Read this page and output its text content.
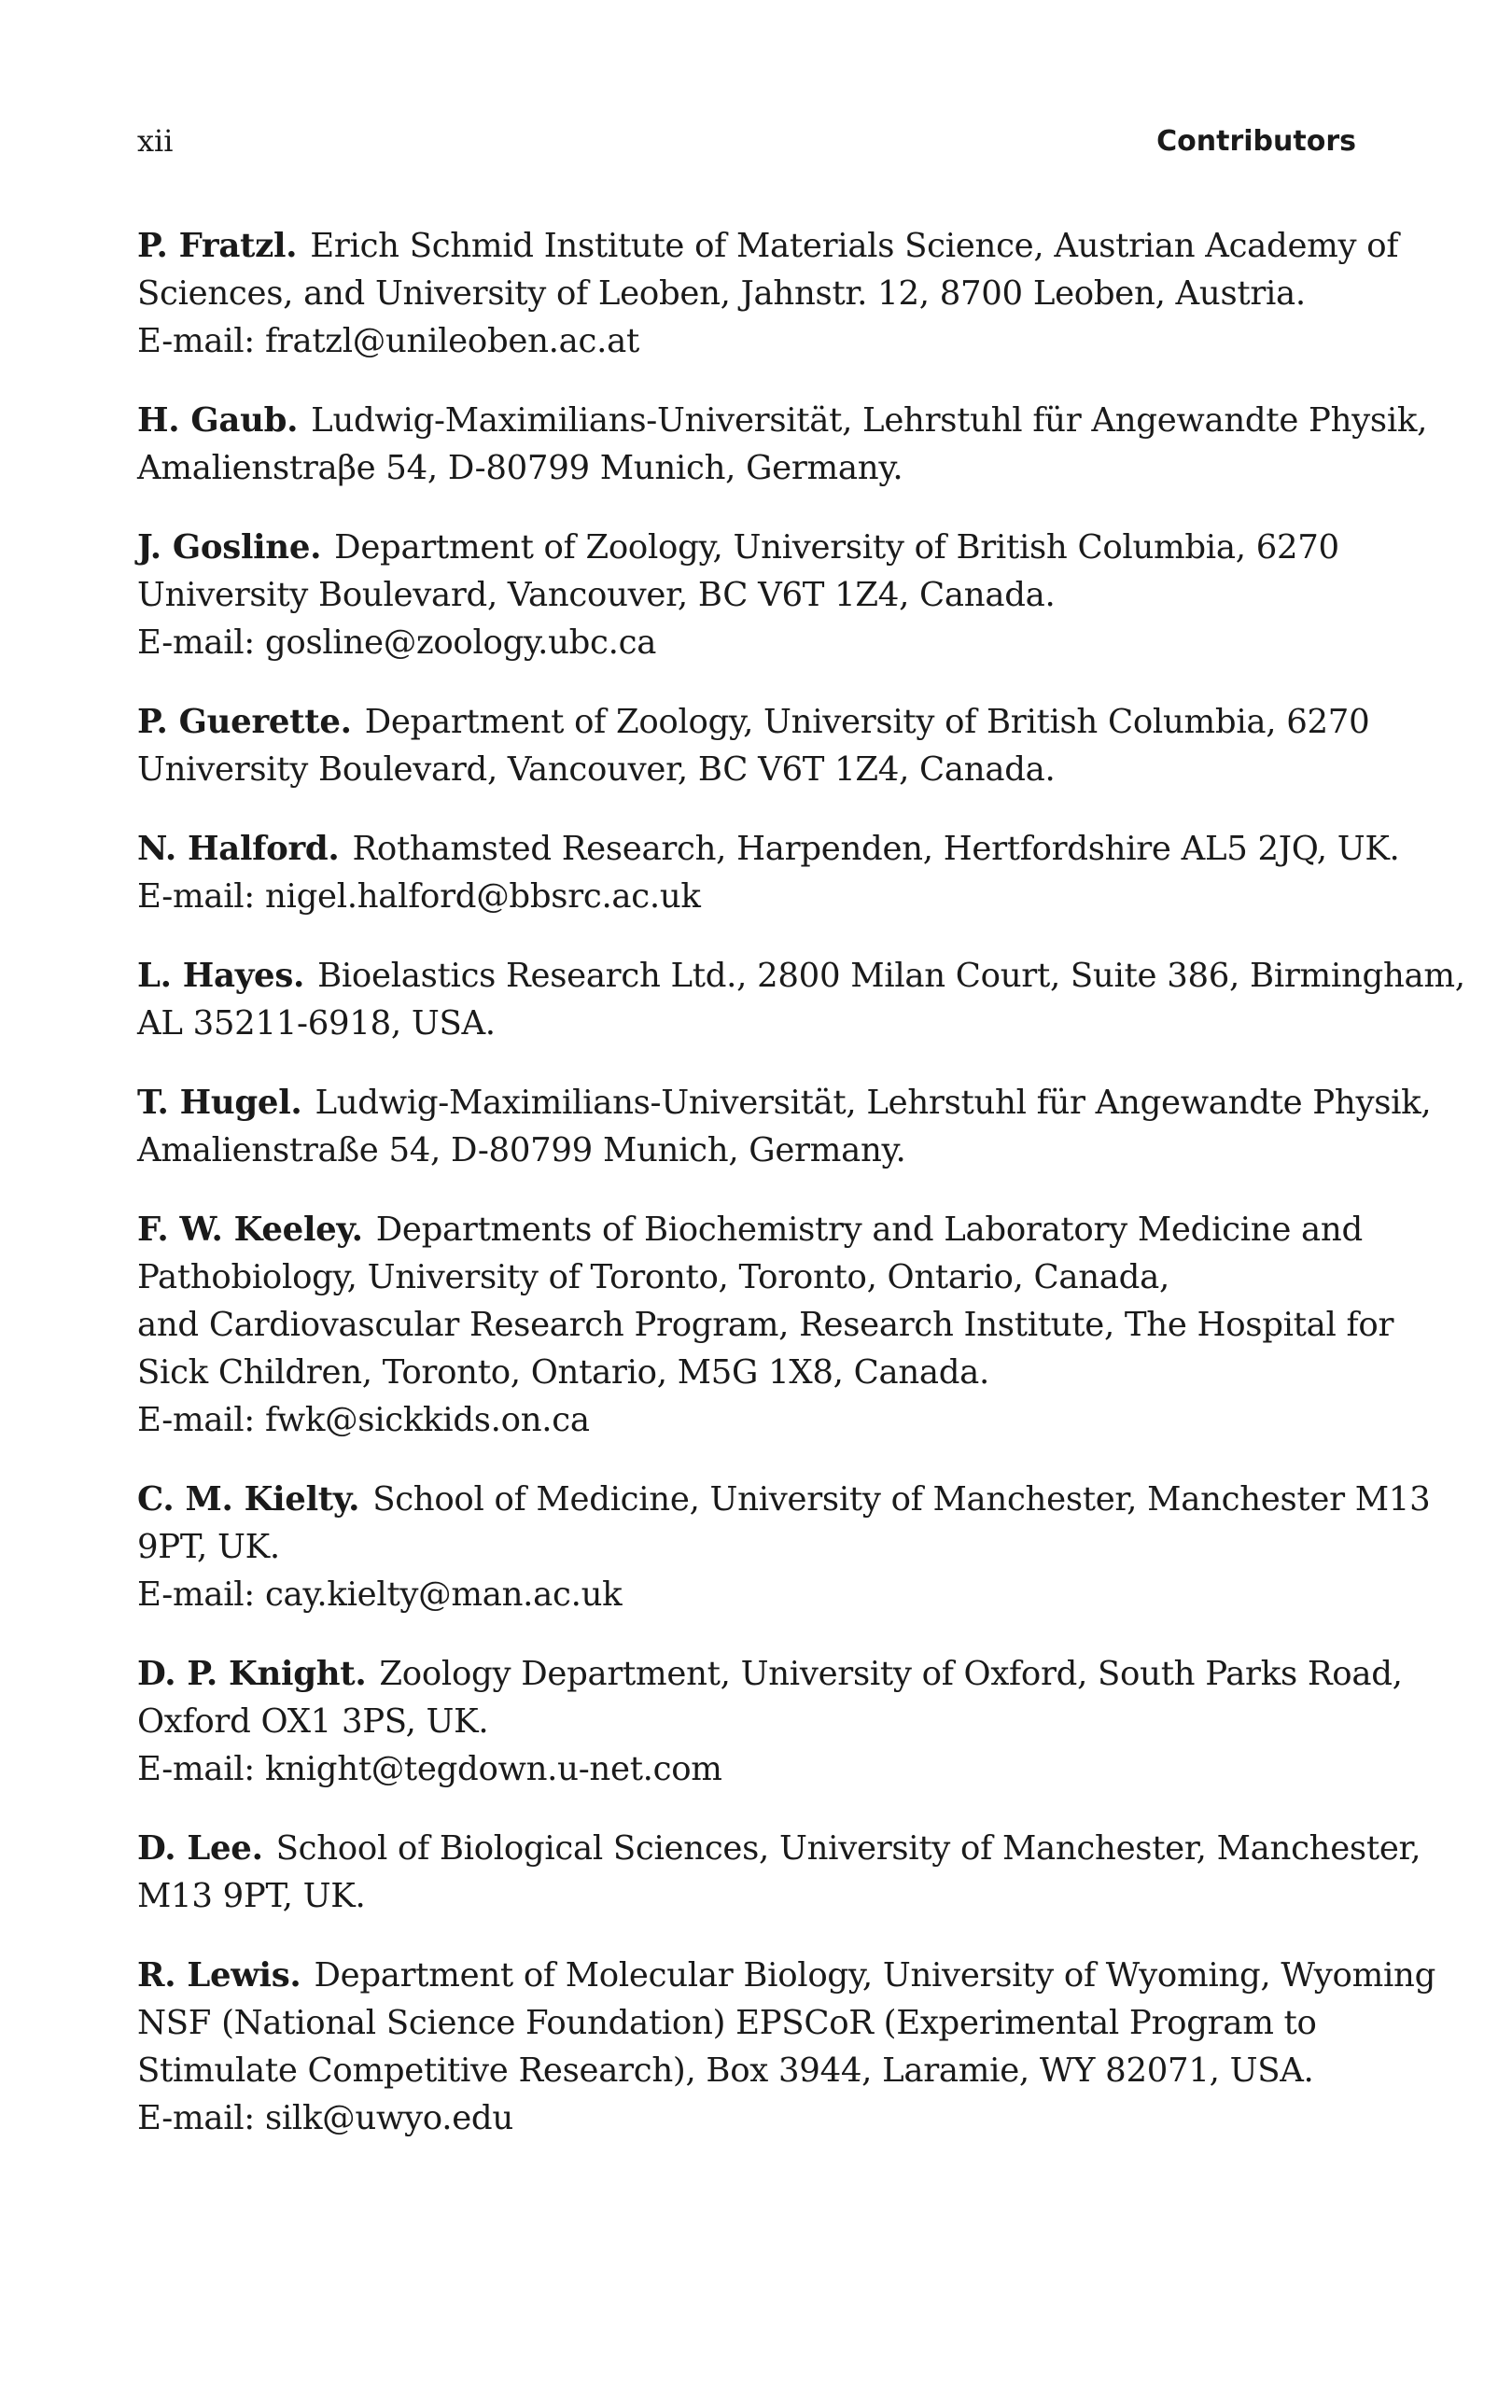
xii	Contributors
P. Fratzl. Erich Schmid Institute of Materials Science, Austrian Academy of
Sciences, and University of Leoben, Jahnstr. 12, 8700 Leoben, Austria.
E-mail: fratzl@unileoben.ac.at
H. Gaub. Ludwig-Maximilians-Universität, Lehrstuhl für Angewandte Physik,
Amalienstraβe 54, D-80799 Munich, Germany.
J. Gosline. Department of Zoology, University of British Columbia, 6270
University Boulevard, Vancouver, BC V6T 1Z4, Canada.
E-mail: gosline@zoology.ubc.ca
P. Guerette. Department of Zoology, University of British Columbia, 6270
University Boulevard, Vancouver, BC V6T 1Z4, Canada.
N. Halford. Rothamsted Research, Harpenden, Hertfordshire AL5 2JQ, UK.
E-mail: nigel.halford@bbsrc.ac.uk
L. Hayes. Bioelastics Research Ltd., 2800 Milan Court, Suite 386, Birmingham,
AL 35211-6918, USA.
T. Hugel. Ludwig-Maximilians-Universität, Lehrstuhl für Angewandte Physik,
Amalienstraße 54, D-80799 Munich, Germany.
F. W. Keeley. Departments of Biochemistry and Laboratory Medicine and
Pathobiology, University of Toronto, Toronto, Ontario, Canada,
and Cardiovascular Research Program, Research Institute, The Hospital for
Sick Children, Toronto, Ontario, M5G 1X8, Canada.
E-mail: fwk@sickkids.on.ca
C. M. Kielty. School of Medicine, University of Manchester, Manchester M13
9PT, UK.
E-mail: cay.kielty@man.ac.uk
D. P. Knight. Zoology Department, University of Oxford, South Parks Road,
Oxford OX1 3PS, UK.
E-mail: knight@tegdown.u-net.com
D. Lee. School of Biological Sciences, University of Manchester, Manchester,
M13 9PT, UK.
R. Lewis. Department of Molecular Biology, University of Wyoming, Wyoming
NSF (National Science Foundation) EPSCoR (Experimental Program to
Stimulate Competitive Research), Box 3944, Laramie, WY 82071, USA.
E-mail: silk@uwyo.edu
